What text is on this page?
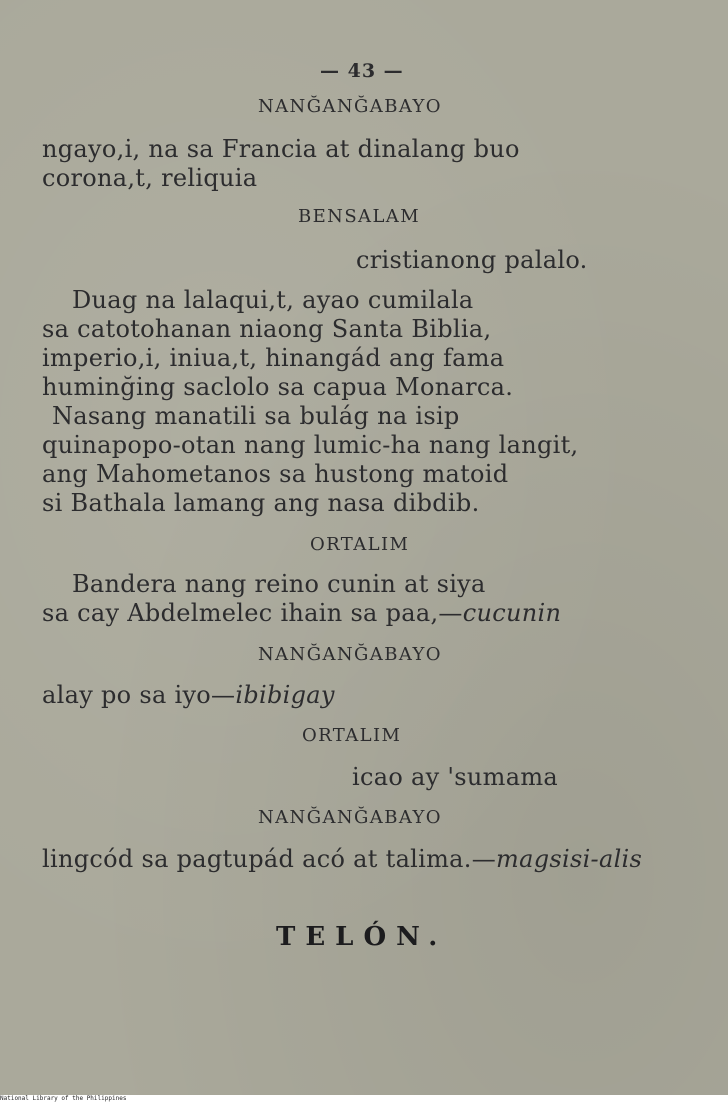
— 43 —
NANĞANĞABAYO
ngayo,i, na sa Francia at dinalang buo
corona,t, reliquia
BENSALAM
cristianong palalo.
Duag na lalaqui,t, ayao cumilala
sa catotohanan niaong Santa Biblia,
imperio,i, iniua,t, hinangád ang fama
huminğing saclolo sa capua Monarca.
Nasang manatili sa bulág na isip
quinapopo-otan nang lumic-ha nang langit,
ang Mahometanos sa hustong matoid
si Bathala lamang ang nasa dibdib.
ORTALIM
Bandera nang reino cunin at siya
sa cay Abdelmelec ihain sa paa,—cucunin
NANĞANĞABAYO
alay po sa iyo—ibibigay
ORTALIM
icao ay 'sumama
NANĞANĞABAYO
lingcód sa pagtupád acó at talima.—magsisi-alis
TELÓN.
National Library of the Philippines
